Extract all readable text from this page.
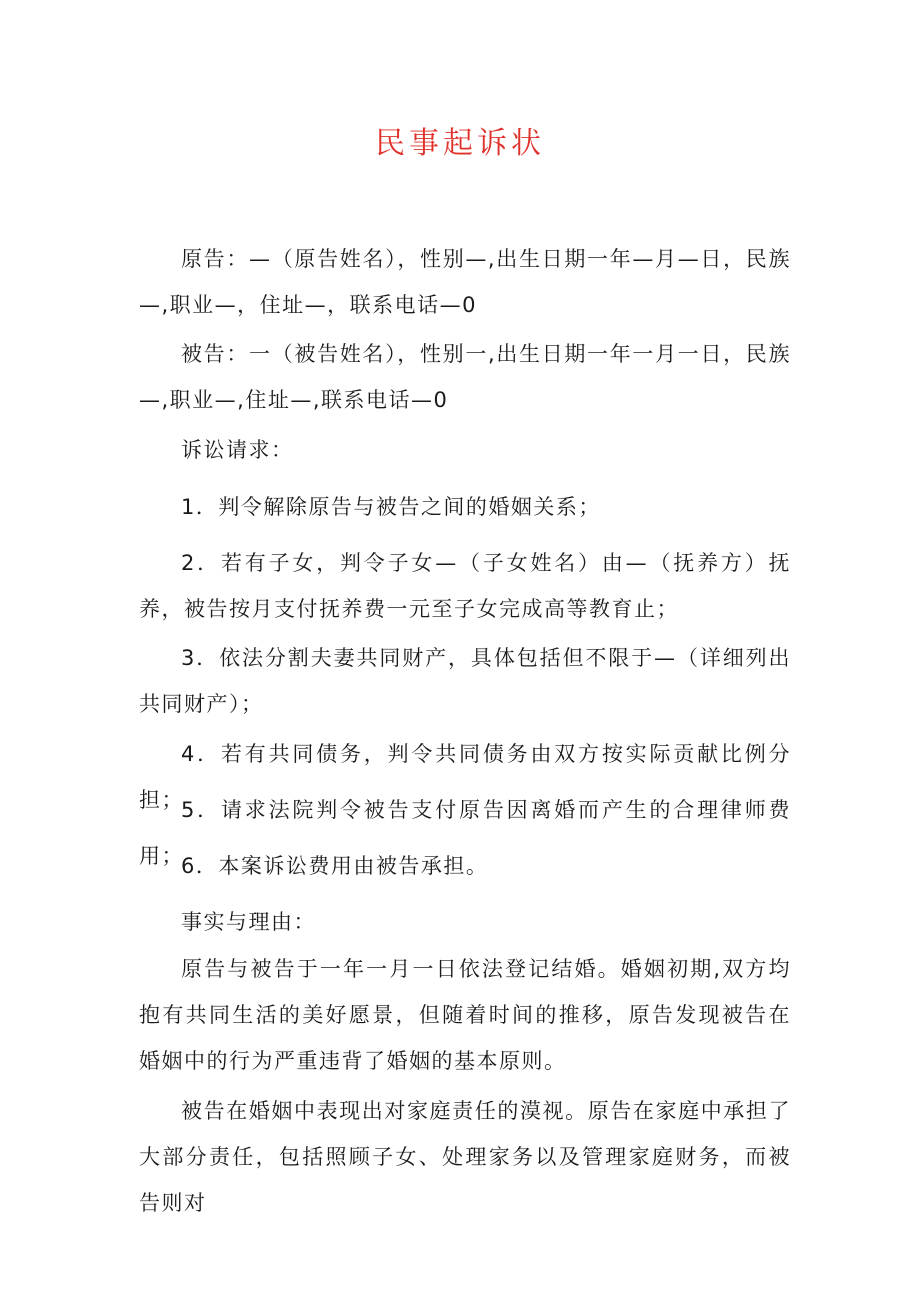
民事起诉状
原告：—（原告姓名），性别—,出生日期一年—月—日，民族—,职业—，住址—，联系电话—0
被告：一（被告姓名），性别一,出生日期一年一月一日，民族—,职业—,住址—,联系电话—0
诉讼请求：
1．判令解除原告与被告之间的婚姻关系；
2．若有子女，判令子女—（子女姓名）由—（抚养方）抚养，被告按月支付抚养费一元至子女完成高等教育止；
3．依法分割夫妻共同财产，具体包括但不限于—（详细列出共同财产）；
4．若有共同债务，判令共同债务由双方按实际贡献比例分担；
5．请求法院判令被告支付原告因离婚而产生的合理律师费用；
6．本案诉讼费用由被告承担。
事实与理由：
原告与被告于一年一月一日依法登记结婚。婚姻初期,双方均抱有共同生活的美好愿景，但随着时间的推移，原告发现被告在婚姻中的行为严重违背了婚姻的基本原则。
被告在婚姻中表现出对家庭责任的漠视。原告在家庭中承担了大部分责任，包括照顾子女、处理家务以及管理家庭财务，而被告则对
